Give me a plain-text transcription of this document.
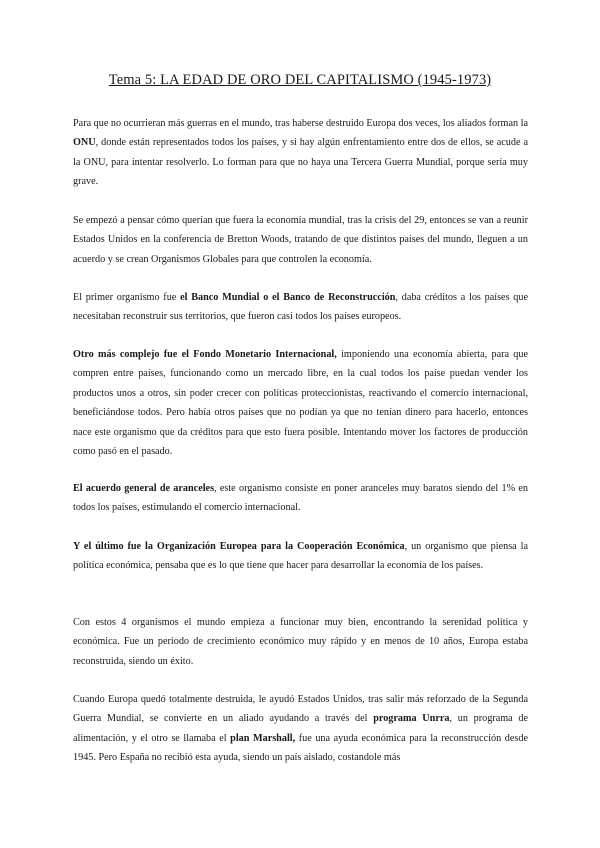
Tema 5: LA EDAD DE ORO DEL CAPITALISMO (1945-1973)

Para que no ocurrieran más guerras en el mundo, tras haberse destruido Europa dos veces, los aliados forman la ONU, donde están representados todos los países, y si hay algún enfrentamiento entre dos de ellos, se acude a la ONU, para intentar resolverlo. Lo forman para que no haya una Tercera Guerra Mundial, porque sería muy grave.

Se empezó a pensar cómo querían que fuera la economía mundial, tras la crisis del 29, entonces se van a reunir Estados Unidos en la conferencia de Bretton Woods, tratando de que distintos países del mundo, lleguen a un acuerdo y se crean Organismos Globales para que controlen la economía.

El primer organismo fue el Banco Mundial o el Banco de Reconstrucción, daba créditos a los países que necesitaban reconstruir sus territorios, que fueron casi todos los países europeos.

Otro más complejo fue el Fondo Monetario Internacional, imponiendo una economía abierta, para que compren entre países, funcionando como un mercado libre, en la cual todos los paíse puedan vender los productos unos a otros, sin poder crecer con políticas proteccionistas, reactivando el comercio internacional, beneficiándose todos. Pero había otros países que no podían ya que no tenían dinero para hacerlo, entonces nace este organismo que da créditos para que esto fuera posible. Intentando mover los factores de producción como pasó en el pasado.

El acuerdo general de aranceles, este organismo consiste en poner aranceles muy baratos siendo del 1% en todos los países, estimulando el comercio internacional.

Y el último fue la Organización Europea para la Cooperación Económica, un organismo que piensa la política económica, pensaba que es lo que tiene que hacer para desarrollar la economía de los países.

Con estos 4 organismos el mundo empieza a funcionar muy bien, encontrando la serenidad política y económica. Fue un periodo de crecimiento económico muy rápido y en menos de 10 años, Europa estaba reconstruida, siendo un éxito.

Cuando Europa quedó totalmente destruida, le ayudó Estados Unidos, tras salir más reforzado de la Segunda Guerra Mundial, se convierte en un aliado ayudando a través del programa Unrra, un programa de alimentación, y el otro se llamaba el plan Marshall, fue una ayuda económica para la reconstrucción desde 1945. Pero España no recibió esta ayuda, siendo un país aislado, costandole más
